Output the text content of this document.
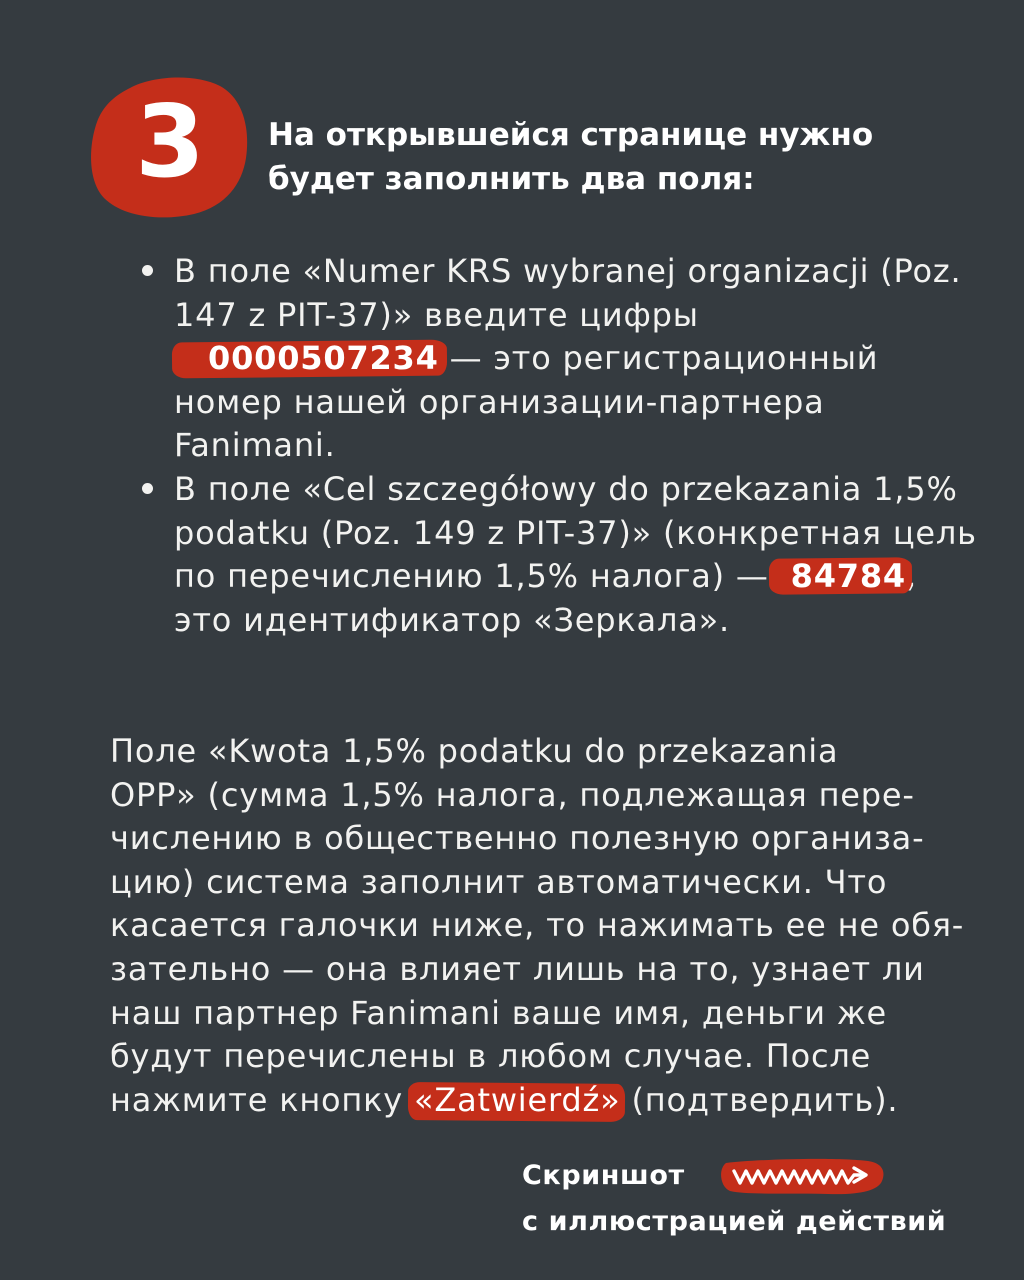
3	На открывшейся странице нужно
будет заполнить два поля:
В поле «Numer KRS wybranej organizacji (Poz. 147 z PIT-37)» введите цифры
0000507234 — это регистрационный номер нашей организации-партнера Fanimani.
В поле «Cel szczegółowy do przekazania 1,5% podatku (Poz. 149 z PIT-37)» (конкретная цель по перечислению 1,5% налога) — 84784, это идентификатор «Зеркала».
Поле «Kwota 1,5% podatku do przekazania
OPP» (сумма 1,5% налога, подлежащая пере-
числению в общественно полезную организа-
цию) система заполнит автоматически. Что
касается галочки ниже, то нажимать ее не обя-
зательно — она влияет лишь на то, узнает ли
наш партнер Fanimani ваше имя, деньги же
будут перечислены в любом случае. После
нажмите кнопку «Zatwierdź» (подтвердить).
Скриншот
с иллюстрацией действий
